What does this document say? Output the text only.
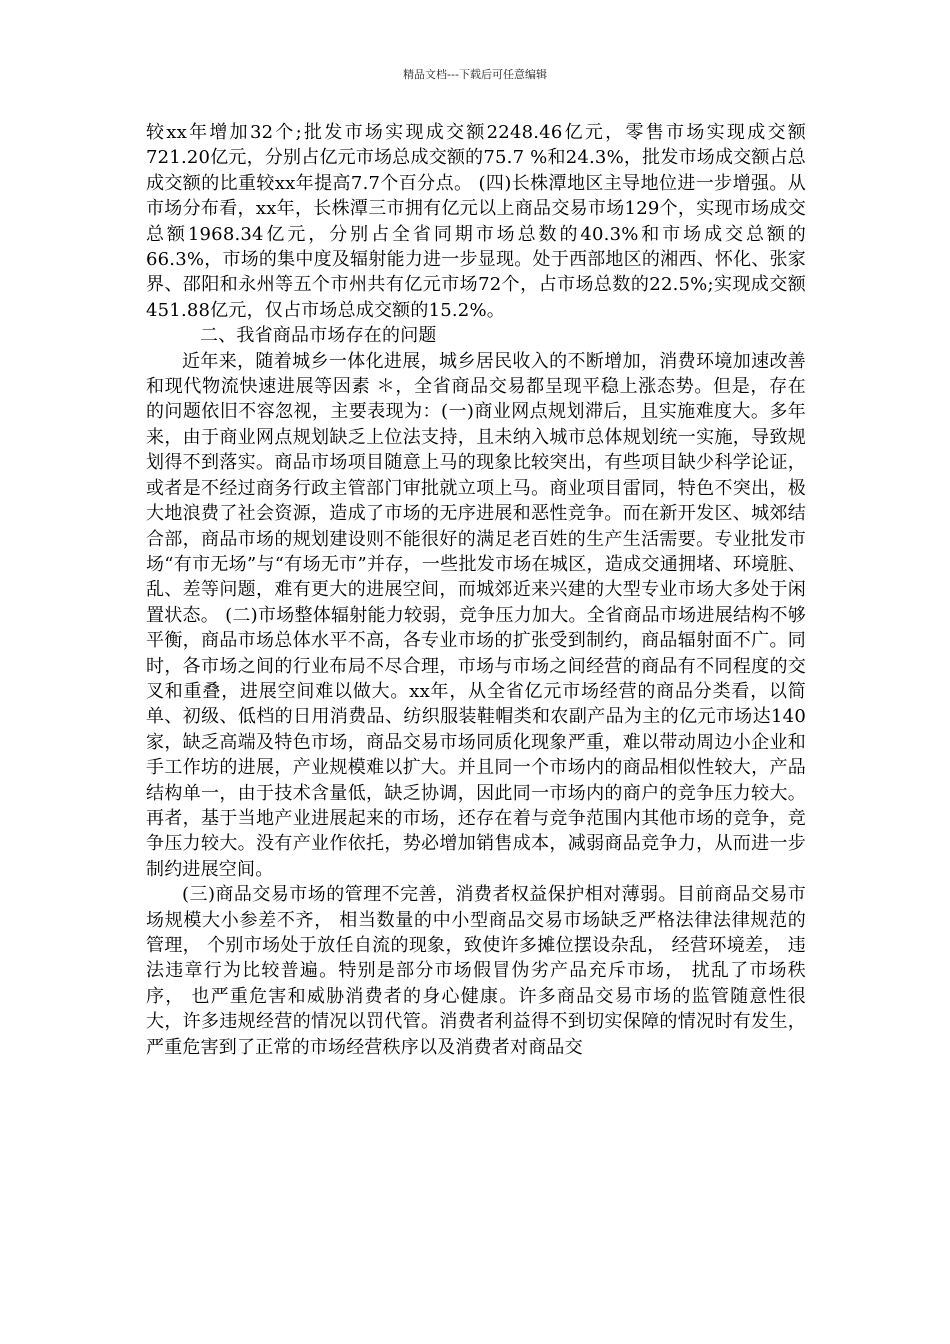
精品文档---下载后可任意编辑

较xx年增加32个;批发市场实现成交额2248.46亿元，零售市场实现成交额721.20亿元，分别占亿元市场总成交额的75.7 %和24.3%，批发市场成交额占总成交额的比重较xx年提高7.7个百分点。 (四)长株潭地区主导地位进一步增强。从市场分布看，xx年，长株潭三市拥有亿元以上商品交易市场129个，实现市场成交总额1968.34亿元，分别占全省同期市场总数的40.3%和市场成交总额的66.3%，市场的集中度及辐射能力进一步显现。处于西部地区的湘西、怀化、张家界、邵阳和永州等五个市州共有亿元市场72个，占市场总数的22.5%;实现成交额451.88亿元，仅占市场总成交额的15.2%。

二、我省商品市场存在的问题

近年来，随着城乡一体化进展，城乡居民收入的不断增加，消费环境加速改善和现代物流快速进展等因素 ＊，全省商品交易都呈现平稳上涨态势。但是，存在的问题依旧不容忽视，主要表现为：(一)商业网点规划滞后，且实施难度大。多年来，由于商业网点规划缺乏上位法支持，且未纳入城市总体规划统一实施，导致规划得不到落实。商品市场项目随意上马的现象比较突出，有些项目缺少科学论证，或者是不经过商务行政主管部门审批就立项上马。商业项目雷同，特色不突出，极大地浪费了社会资源，造成了市场的无序进展和恶性竞争。而在新开发区、城郊结合部，商品市场的规划建设则不能很好的满足老百姓的生产生活需要。专业批发市场“有市无场”与“有场无市”并存，一些批发市场在城区，造成交通拥堵、环境脏、乱、差等问题，难有更大的进展空间，而城郊近来兴建的大型专业市场大多处于闲置状态。 (二)市场整体辐射能力较弱，竞争压力加大。全省商品市场进展结构不够平衡，商品市场总体水平不高，各专业市场的扩张受到制约，商品辐射面不广。同时，各市场之间的行业布局不尽合理，市场与市场之间经营的商品有不同程度的交叉和重叠，进展空间难以做大。xx年，从全省亿元市场经营的商品分类看，以简单、初级、低档的日用消费品、纺织服装鞋帽类和农副产品为主的亿元市场达140家，缺乏高端及特色市场，商品交易市场同质化现象严重，难以带动周边小企业和手工作坊的进展，产业规模难以扩大。并且同一个市场内的商品相似性较大，产品结构单一，由于技术含量低，缺乏协调，因此同一市场内的商户的竞争压力较大。再者，基于当地产业进展起来的市场，还存在着与竞争范围内其他市场的竞争，竞争压力较大。没有产业作依托，势必增加销售成本，减弱商品竞争力，从而进一步制约进展空间。

(三)商品交易市场的管理不完善，消费者权益保护相对薄弱。目前商品交易市场规模大小参差不齐， 相当数量的中小型商品交易市场缺乏严格法律法律规范的管理， 个别市场处于放任自流的现象，致使许多摊位摆设杂乱， 经营环境差， 违法违章行为比较普遍。特别是部分市场假冒伪劣产品充斥市场， 扰乱了市场秩序， 也严重危害和威胁消费者的身心健康。许多商品交易市场的监管随意性很大，许多违规经营的情况以罚代管。消费者利益得不到切实保障的情况时有发生， 严重危害到了正常的市场经营秩序以及消费者对商品交
